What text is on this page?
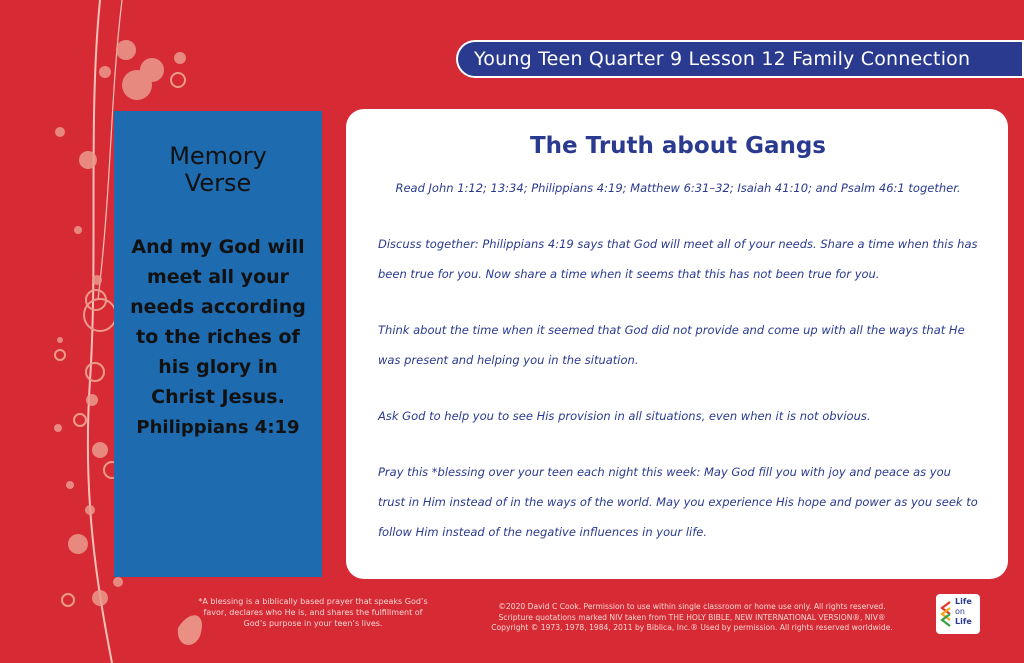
Young Teen Quarter 9 Lesson 12 Family Connection
Memory Verse
And my God will meet all your needs according to the riches of his glory in Christ Jesus.
Philippians 4:19
The Truth about Gangs

Read John 1:12; 13:34; Philippians 4:19; Matthew 6:31–32; Isaiah 41:10; and Psalm 46:1 together.

Discuss together: Philippians 4:19 says that God will meet all of your needs. Share a time when this has been true for you. Now share a time when it seems that this has not been true for you.

Think about the time when it seemed that God did not provide and come up with all the ways that He was present and helping you in the situation.

Ask God to help you to see His provision in all situations, even when it is not obvious.

Pray this *blessing over your teen each night this week: May God fill you with joy and peace as you trust in Him instead of in the ways of the world. May you experience His hope and power as you seek to follow Him instead of the negative influences in your life.

*A blessing is a biblically based prayer that speaks God’s favor, declares who He is, and shares the fulfillment of God’s purpose in your teen’s lives.
©2020 David C Cook. Permission to use within single classroom or home use only. All rights reserved.
Scripture quotations marked NIV taken from THE HOLY BIBLE, NEW INTERNATIONAL VERSION®, NIV®
Copyright © 1973, 1978, 1984, 2011 by Biblica, Inc.® Used by permission. All rights reserved worldwide.
Life
on
Life
